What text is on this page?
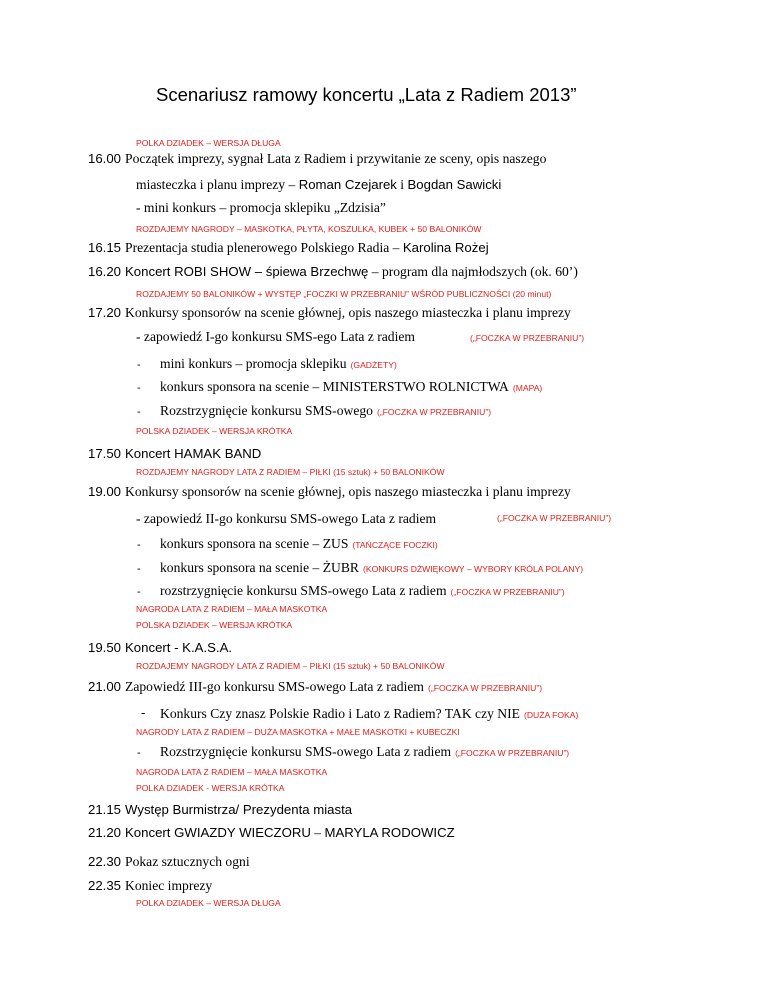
Scenariusz ramowy koncertu „Lata z Radiem 2013”
POLKA DZIADEK – WERSJA DŁUGA
16.00 Początek imprezy, sygnał Lata z Radiem i przywitanie ze sceny, opis naszego
miasteczka i planu imprezy – Roman Czejarek i Bogdan Sawicki
- mini konkurs – promocja sklepiku „Zdzisia”
ROZDAJEMY NAGRODY – MASKOTKA, PŁYTA, KOSZULKA, KUBEK + 50 BALONIKÓW
16.15 Prezentacja studia plenerowego Polskiego Radia – Karolina Rożej
16.20 Koncert ROBI SHOW – śpiewa Brzechwę – program dla najmłodszych (ok. 60’)
ROZDAJEMY 50 BALONIKÓW + WYSTĘP „FOCZKI W PRZEBRANIU” WŚRÓD PUBLICZNOŚCI (20 minut)
17.20 Konkursy sponsorów na scenie głównej, opis naszego miasteczka i planu imprezy
- zapowiedź I-go konkursu SMS-ego Lata z radiem	(„FOCZKA W PRZEBRANIU”)
- mini konkurs – promocja sklepiku (GADŻETY)
- konkurs sponsora na scenie – MINISTERSTWO ROLNICTWA (MAPA)
- Rozstrzygnięcie konkursu SMS-owego („FOCZKA W PRZEBRANIU”)
POLSKA DZIADEK – WERSJA KRÓTKA
17.50 Koncert HAMAK BAND
ROZDAJEMY NAGRODY LATA Z RADIEM – PIŁKI (15 sztuk) + 50 BALONIKÓW
19.00 Konkursy sponsorów na scenie głównej, opis naszego miasteczka i planu imprezy
- zapowiedź II-go konkursu SMS-owego Lata z radiem	(„FOCZKA W PRZEBRANIU”)
- konkurs sponsora na scenie – ZUS (TAŃCZĄCE FOCZKI)
- konkurs sponsora na scenie – ŻUBR (KONKURS DŹWIĘKOWY – WYBORY KRÓLA POLANY)
- rozstrzygnięcie konkursu SMS-owego Lata z radiem („FOCZKA W PRZEBRANIU”)
NAGRODA LATA Z RADIEM – MAŁA MASKOTKA
POLSKA DZIADEK – WERSJA KRÓTKA
19.50 Koncert - K.A.S.A.
ROZDAJEMY NAGRODY LATA Z RADIEM – PIŁKI (15 sztuk) + 50 BALONIKÓW
21.00 Zapowiedź III-go konkursu SMS-owego Lata z radiem („FOCZKA W PRZEBRANIU”)
- Konkurs Czy znasz Polskie Radio i Lato z Radiem? TAK czy NIE (DUŻA FOKA)
NAGRODY LATA Z RADIEM – DUŻA MASKOTKA + MAŁE MASKOTKI + KUBECZKI
- Rozstrzygnięcie konkursu SMS-owego Lata z radiem („FOCZKA W PRZEBRANIU”)
NAGRODA LATA Z RADIEM – MAŁA MASKOTKA
POLKA DZIADEK - WERSJA KRÓTKA
21.15 Występ Burmistrza/ Prezydenta miasta
21.20 Koncert GWIAZDY WIECZORU – MARYLA RODOWICZ
22.30 Pokaz sztucznych ogni
22.35 Koniec imprezy
POLKA DZIADEK – WERSJA DŁUGA
